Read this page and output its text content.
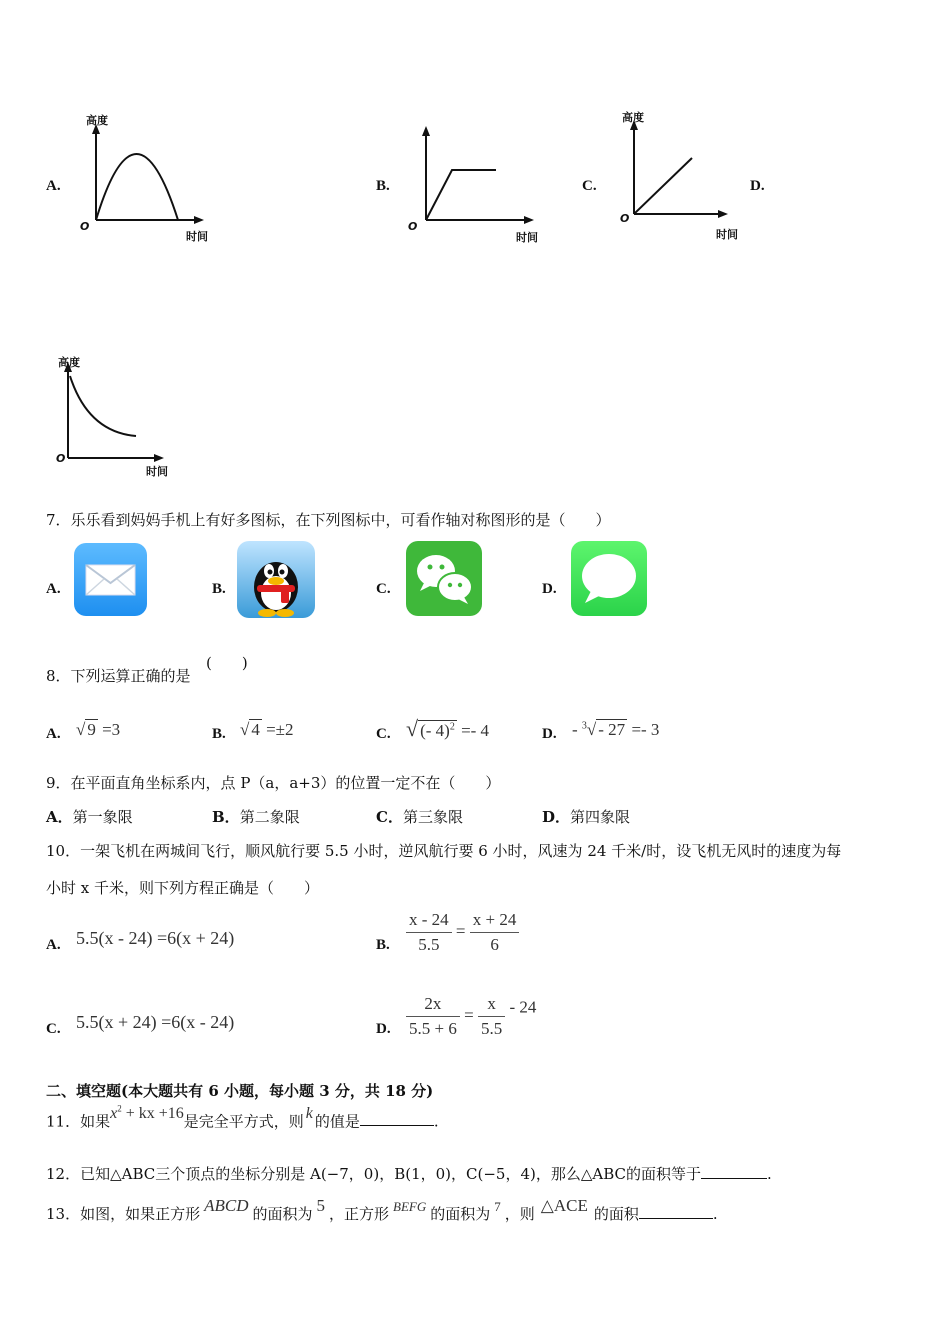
A.
高度
O
时间
B.
O
时间
C.
高度
O
时间
D.
高度
O
时间
7．乐乐看到妈妈手机上有好多图标，在下列图标中，可看作轴对称图形的是（　　）
A.	B.	C.	D.
8．下列运算正确的是
(　　)
A. √ 9 =3	B. √ 4 =±2	C. √ (- 4)$^2$ =- 4	D. - $^3$√ - 27 =- 3
9．在平面直角坐标系内，点 P（a，a+3）的位置一定不在（　　）
A．第一象限	B．第二象限	C．第三象限	D．第四象限
10．一架飞机在两城间飞行，顺风航行要 5.5 小时，逆风航行要 6 小时，风速为 24 千米/时，设飞机无风时的速度为每
小时 x 千米，则下列方程正确是（　　）
A. 5.5(x - 24) =6(x + 24)	B. $\frac{x - 24}{5.5} = \frac{x + 24}{6}$
C. 5.5(x + 24) =6(x - 24)	D. $\frac{2x}{5.5 + 6} = \frac{x}{5.5} - 24$
二、填空题(本大题共有 6 小题，每小题 3 分，共 18 分)
11．如果$x^2$ + kx +16是完全平方式，则 k 的值是	.
12．已知△ABC三个顶点的坐标分别是 A(−7，0)，B(1，0)，C(−5，4)，那么△ABC的面积等于	.
13．如图，如果正方形 ABCD 的面积为 5 ，正方形 BEFG 的面积为 7 ，则 △ACE 的面积	.
